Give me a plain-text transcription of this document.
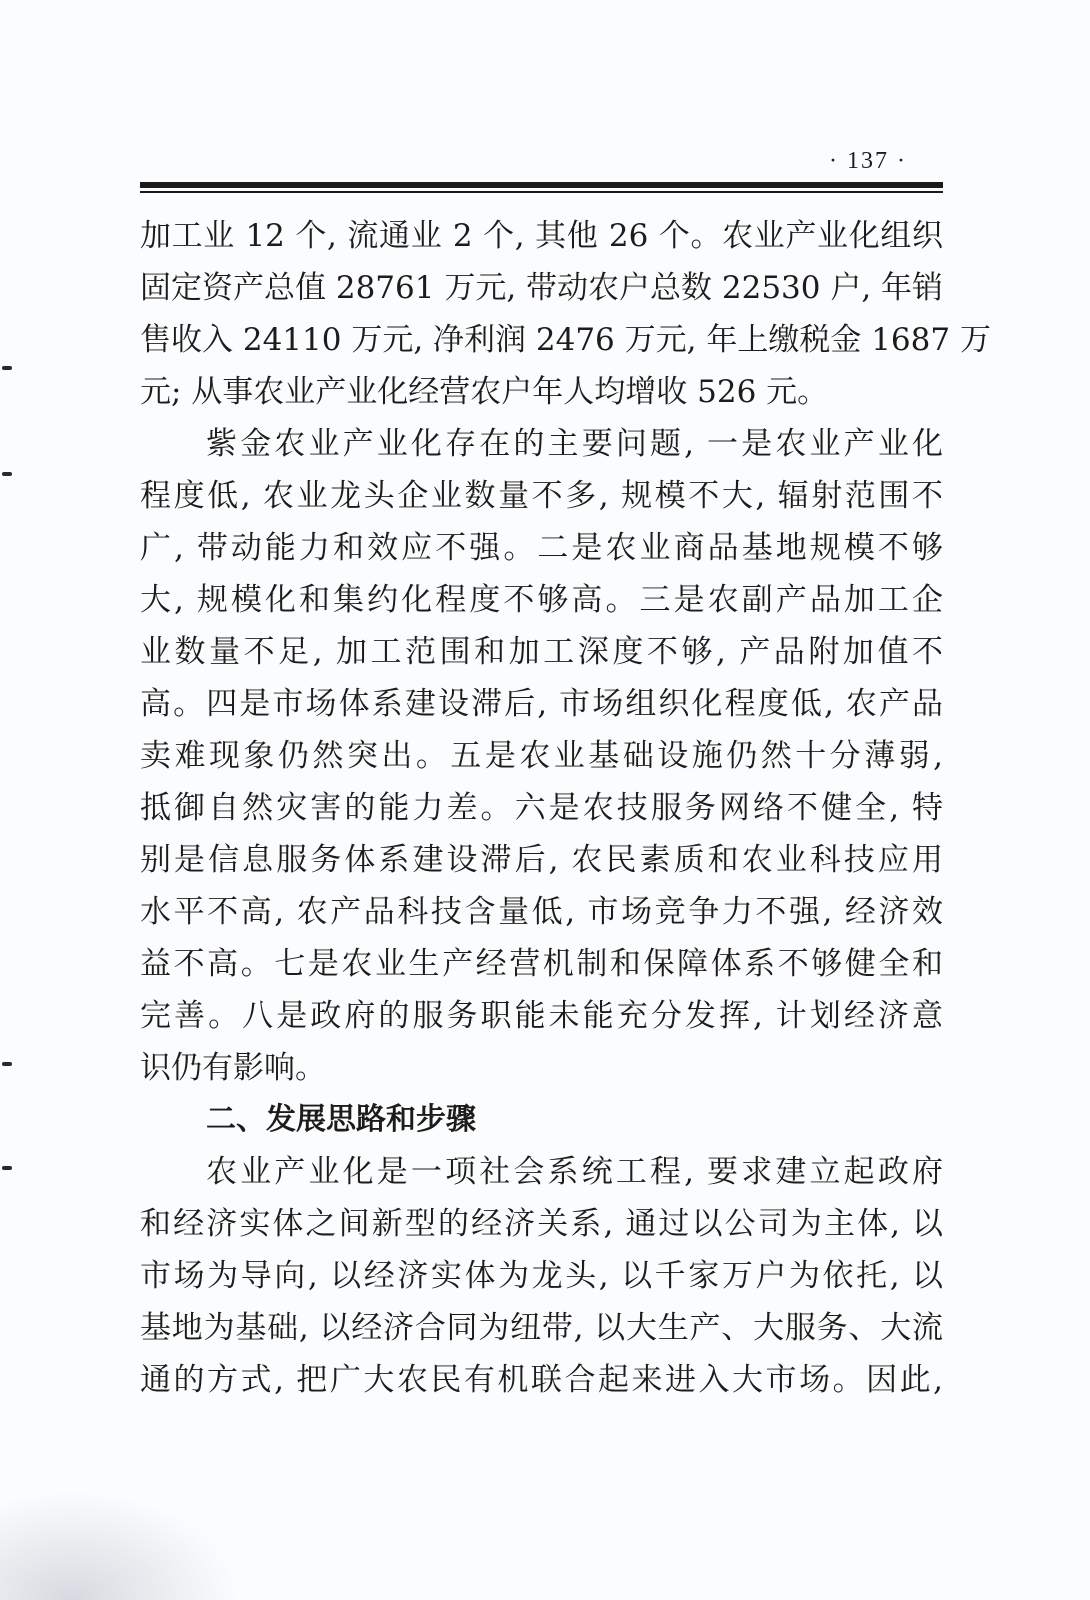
· 137 ·
加工业 12 个, 流通业 2 个, 其他 26 个。农业产业化组织
固定资产总值 28761 万元, 带动农户总数 22530 户, 年销
售收入 24110 万元, 净利润 2476 万元, 年上缴税金 1687 万
元; 从事农业产业化经营农户年人均增收 526 元。
紫金农业产业化存在的主要问题, 一是农业产业化
程度低, 农业龙头企业数量不多, 规模不大, 辐射范围不
广, 带动能力和效应不强。二是农业商品基地规模不够
大, 规模化和集约化程度不够高。三是农副产品加工企
业数量不足, 加工范围和加工深度不够, 产品附加值不
高。四是市场体系建设滞后, 市场组织化程度低, 农产品
卖难现象仍然突出。五是农业基础设施仍然十分薄弱,
抵御自然灾害的能力差。六是农技服务网络不健全, 特
别是信息服务体系建设滞后, 农民素质和农业科技应用
水平不高, 农产品科技含量低, 市场竞争力不强, 经济效
益不高。七是农业生产经营机制和保障体系不够健全和
完善。八是政府的服务职能未能充分发挥, 计划经济意
识仍有影响。
二、发展思路和步骤
农业产业化是一项社会系统工程, 要求建立起政府
和经济实体之间新型的经济关系, 通过以公司为主体, 以
市场为导向, 以经济实体为龙头, 以千家万户为依托, 以
基地为基础, 以经济合同为纽带, 以大生产、大服务、大流
通的方式, 把广大农民有机联合起来进入大市场。因此,
